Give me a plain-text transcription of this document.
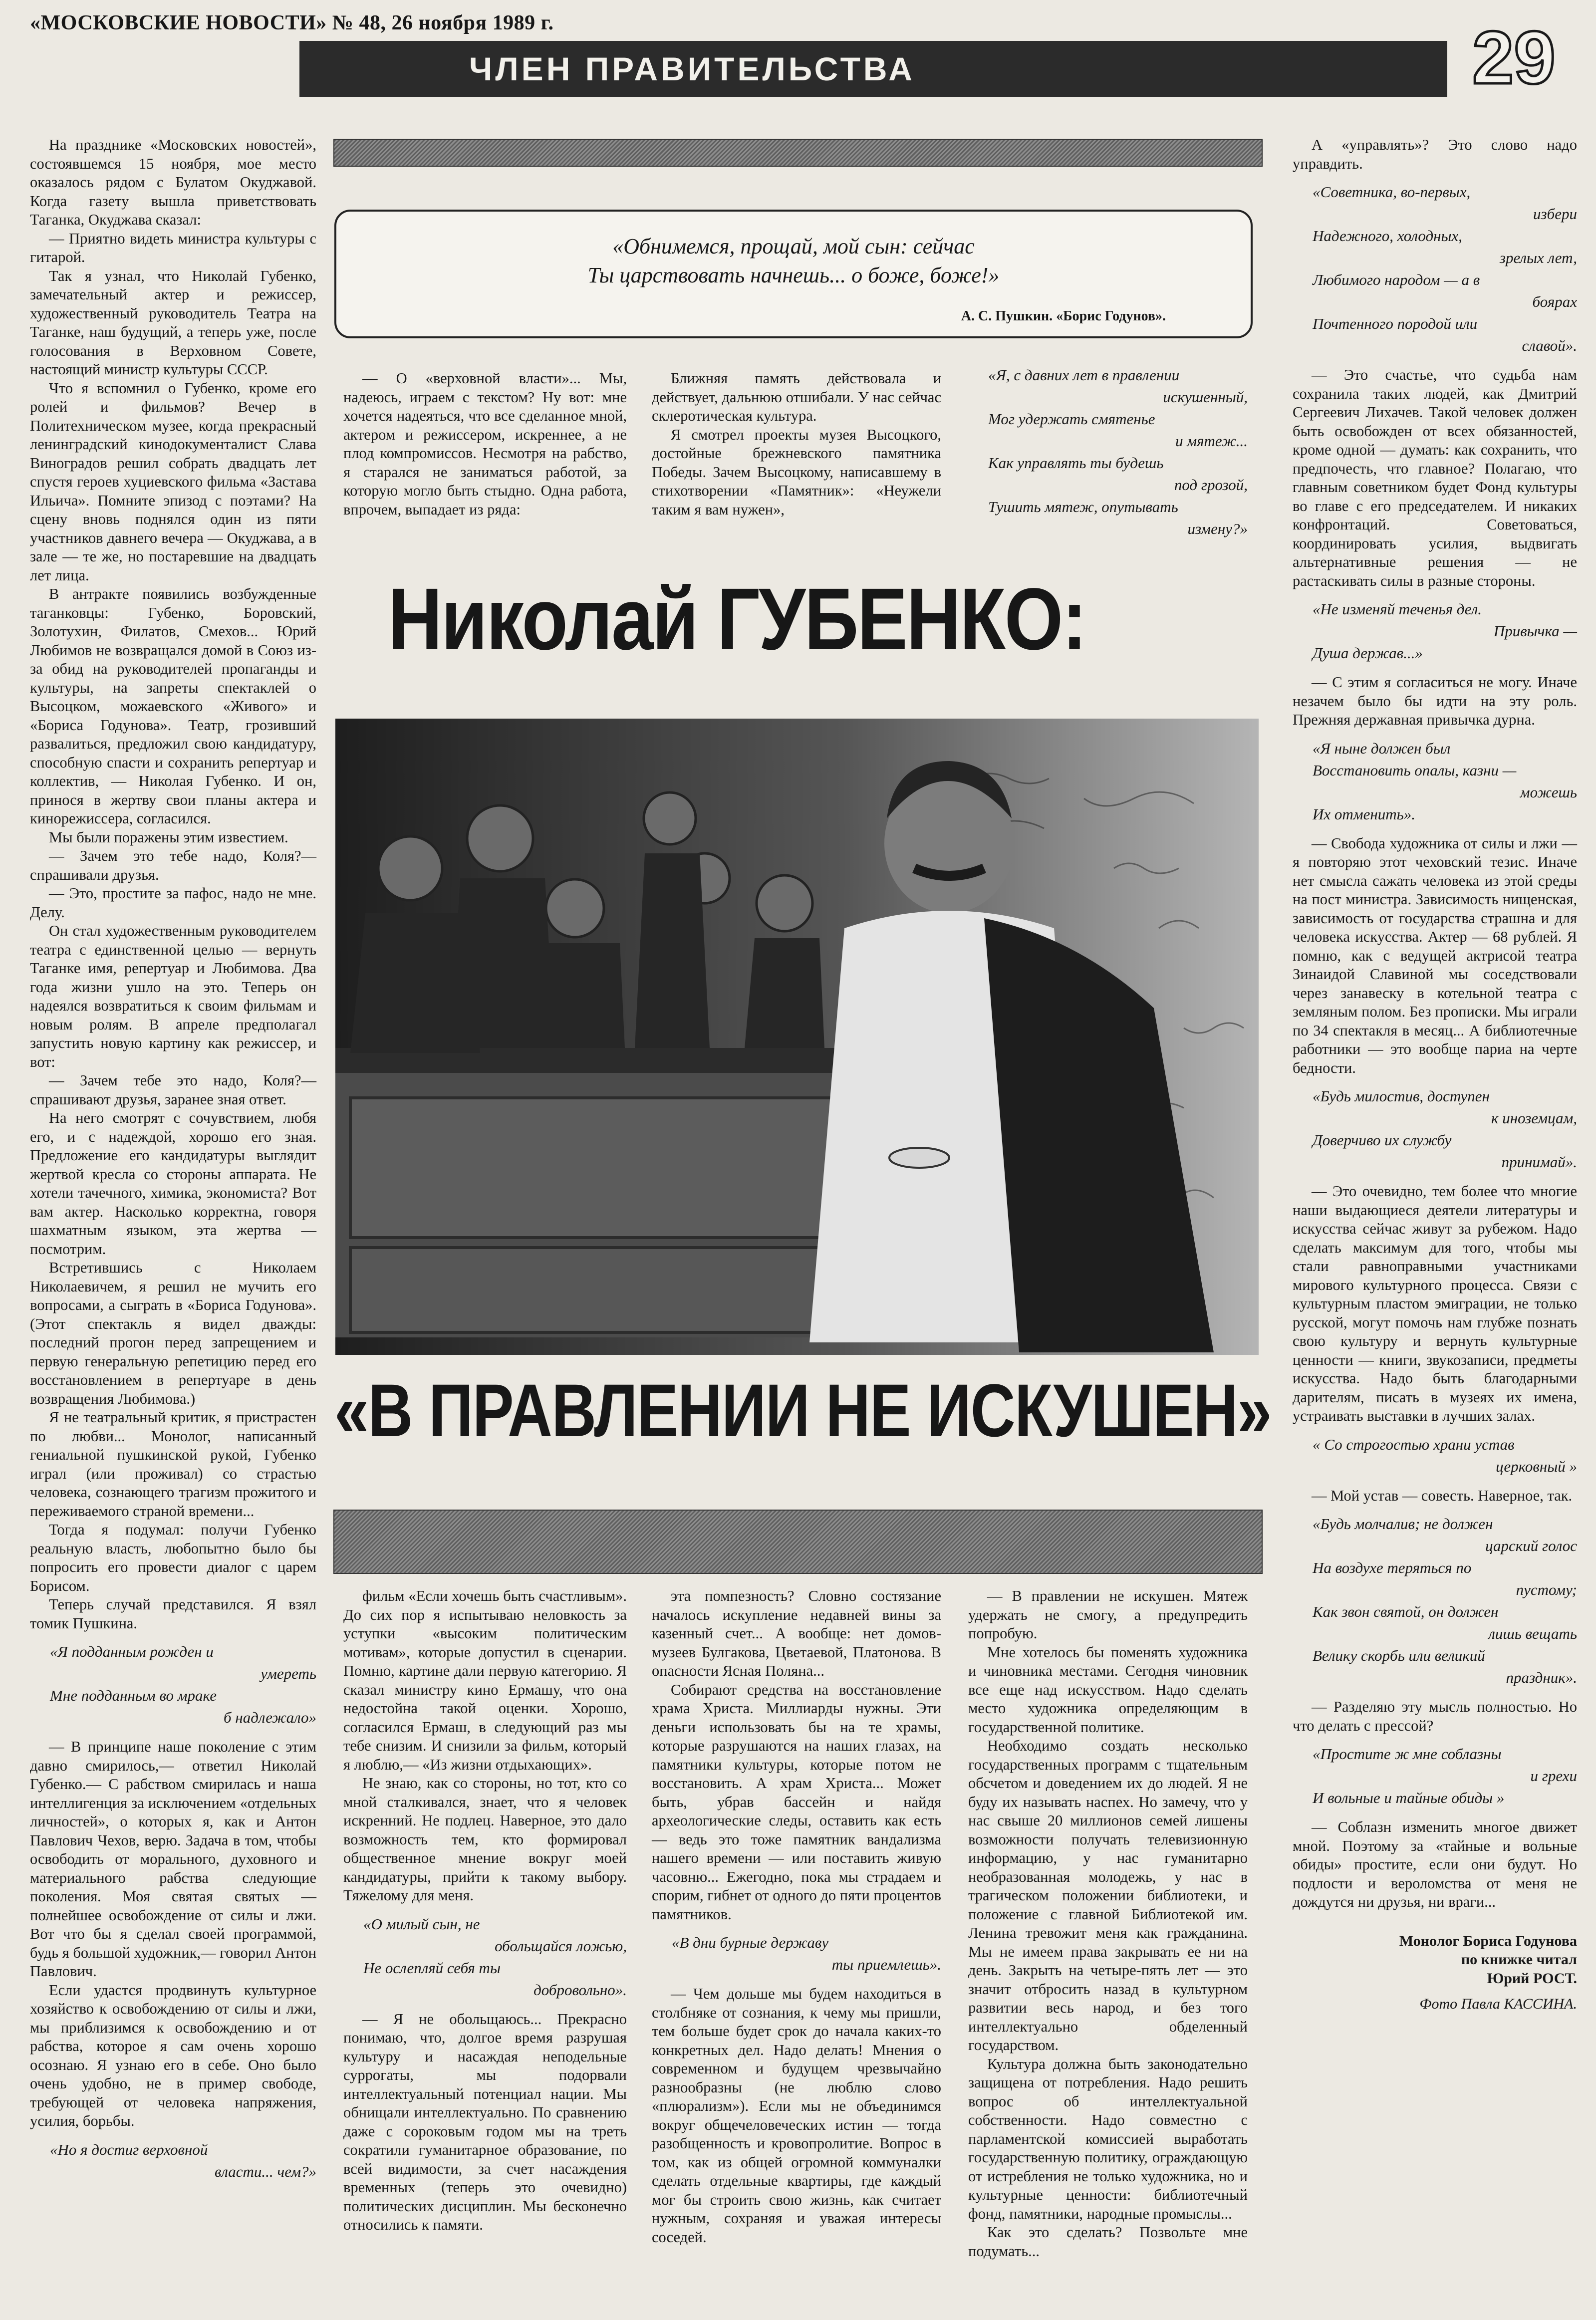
«МОСКОВСКИЕ НОВОСТИ» № 48, 26 ноября 1989 г.
ЧЛЕН ПРАВИТЕЛЬСТВА	29
«Обнимемся, прощай, мой сын: сейчас
Ты царствовать начнешь... о боже, боже!»
А. С. Пушкин. «Борис Годунов».
Николай ГУБЕНКО:
«В ПРАВЛЕНИИ НЕ ИСКУШЕН»

На празднике «Московских новостей», состоявшемся 15 ноября, мое место оказалось рядом с Булатом Окуджавой. Когда газету вышла приветствовать Таганка, Окуджава сказал:

— Приятно видеть министра культуры с гитарой.

Так я узнал, что Николай Губенко, замечательный актер и режиссер, художественный руководитель Театра на Таганке, наш будущий, а теперь уже, после голосования в Верховном Совете, настоящий министр культуры СССР.

Что я вспомнил о Губенко, кроме его ролей и фильмов? Вечер в Политехническом музее, когда прекрасный ленинградский кинодокументалист Слава Виноградов решил собрать двадцать лет спустя героев хуциевского фильма «Застава Ильича». Помните эпизод с поэтами? На сцену вновь поднялся один из пяти участников давнего вечера — Окуджава, а в зале — те же, но постаревшие на двадцать лет лица.

В антракте появились возбужденные таганковцы: Губенко, Боровский, Золотухин, Филатов, Смехов... Юрий Любимов не возвращался домой в Союз из-за обид на руководителей пропаганды и культуры, на запреты спектаклей о Высоцком, можаевского «Живого» и «Бориса Годунова». Театр, грозивший развалиться, предложил свою кандидатуру, способную спасти и сохранить репертуар и коллектив, — Николая Губенко. И он, принося в жертву свои планы актера и кинорежиссера, согласился.

Мы были поражены этим известием.

— Зачем это тебе надо, Коля?— спрашивали друзья.

— Это, простите за пафос, надо не мне. Делу.

Он стал художественным руководителем театра с единственной целью — вернуть Таганке имя, репертуар и Любимова. Два года жизни ушло на это. Теперь он надеялся возвратиться к своим фильмам и новым ролям. В апреле предполагал запустить новую картину как режиссер, и вот:

— Зачем тебе это надо, Коля?— спрашивают друзья, заранее зная ответ.

На него смотрят с сочувствием, любя его, и с надеждой, хорошо его зная. Предложение его кандидатуры выглядит жертвой кресла со стороны аппарата. Не хотели тачечного, химика, экономиста? Вот вам актер. Насколько корректна, говоря шахматным языком, эта жертва — посмотрим.

Встретившись с Николаем Николаевичем, я решил не мучить его вопросами, а сыграть в «Бориса Годунова». (Этот спектакль я видел дважды: последний прогон перед запрещением и первую генеральную репетицию перед его восстановлением в репертуаре в день возвращения Любимова.)

Я не театральный критик, я пристрастен по любви... Монолог, написанный гениальной пушкинской рукой, Губенко играл (или проживал) со страстью человека, сознающего трагизм прожитого и переживаемого страной времени...

Тогда я подумал: получи Губенко реальную власть, любопытно было бы попросить его провести диалог с царем Борисом.

Теперь случай представился. Я взял томик Пушкина.

«Я подданным рожден и
умереть
Мне подданным во мраке
б надлежало»

— В принципе наше поколение с этим давно смирилось,— ответил Николай Губенко.— С рабством смирилась и наша интеллигенция за исключением «отдельных личностей», о которых я, как и Антон Павлович Чехов, верю. Задача в том, чтобы освободить от морального, духовного и материального рабства следующие поколения. Моя святая святых — полнейшее освобождение от силы и лжи. Вот что бы я сделал своей программой, будь я большой художник,— говорил Антон Павлович.

Если удастся продвинуть культурное хозяйство к освобождению от силы и лжи, мы приблизимся к освобождению и от рабства, которое я сам очень хорошо осознаю. Я узнаю его в себе. Оно было очень удобно, не в пример свободе, требующей от человека напряжения, усилия, борьбы.

«Но я достиг верховной
власти... чем?»

— О «верховной власти»... Мы, надеюсь, играем с текстом? Ну вот: мне хочется надеяться, что все сделанное мной, актером и режиссером, искреннее, а не плод компромиссов. Несмотря на рабство, я старался не заниматься работой, за которую могло быть стыдно. Одна работа, впрочем, выпадает из ряда:

фильм «Если хочешь быть счастливым». До сих пор я испытываю неловкость за уступки «высоким политическим мотивам», которые допустил в сценарии. Помню, картине дали первую категорию. Я сказал министру кино Ермашу, что она недостойна такой оценки. Хорошо, согласился Ермаш, в следующий раз мы тебе снизим. И снизили за фильм, который я люблю,— «Из жизни отдыхающих».

Не знаю, как со стороны, но тот, кто со мной сталкивался, знает, что я человек искренний. Не подлец. Наверное, это дало возможность тем, кто формировал общественное мнение вокруг моей кандидатуры, прийти к такому выбору. Тяжелому для меня.

«О милый сын, не
обольщайся ложью,
Не ослепляй себя ты
добровольно».

— Я не обольщаюсь... Прекрасно понимаю, что, долгое время разрушая культуру и насаждая неподельные суррогаты, мы подорвали интеллектуальный потенциал нации. Мы обнищали интеллектуально. По сравнению даже с сороковым годом мы на треть сократили гуманитарное образование, по всей видимости, за счет насаждения временных (теперь это очевидно) политических дисциплин. Мы бесконечно относились к памяти.

Ближняя память действовала и действует, дальнюю отшибали. У нас сейчас склеротическая культура.

Я смотрел проекты музея Высоцкого, достойные брежневского памятника Победы. Зачем Высоцкому, написавшему в стихотворении «Памятник»: «Неужели таким я вам нужен»,

эта помпезность? Словно состязание началось искупление недавней вины за казенный счет... А вообще: нет домов-музеев Булгакова, Цветаевой, Платонова. В опасности Ясная Поляна...

Собирают средства на восстановление храма Христа. Миллиарды нужны. Эти деньги использовать бы на те храмы, которые разрушаются на наших глазах, на памятники культуры, которые потом не восстановить. А храм Христа... Может быть, убрав бассейн и найдя археологические следы, оставить как есть — ведь это тоже памятник вандализма нашего времени — или поставить живую часовню... Ежегодно, пока мы страдаем и спорим, гибнет от одного до пяти процентов памятников.

«В дни бурные державу
ты приемлешь».

— Чем дольше мы будем находиться в столбняке от сознания, к чему мы пришли, тем больше будет срок до начала каких-то конкретных дел. Надо делать! Мнения о современном и будущем чрезвычайно разнообразны (не люблю слово «плюрализм»). Если мы не объединимся вокруг общечеловеческих истин — тогда разобщенность и кровопролитие. Вопрос в том, как из общей огромной коммуналки сделать отдельные квартиры, где каждый мог бы строить свою жизнь, как считает нужным, сохраняя и уважая интересы соседей.

«Я, с давних лет в правлении
искушенный,
Мог удержать смятенье
и мятеж...
Как управлять ты будешь
под грозой,
Тушить мятеж, опутывать
измену?»

— В правлении не искушен. Мятеж удержать не смогу, а предупредить попробую.

Мне хотелось бы поменять художника и чиновника местами. Сегодня чиновник все еще над искусством. Надо сделать место художника определяющим в государственной политике.

Необходимо создать несколько государственных программ с тщательным обсчетом и доведением их до людей. Я не буду их называть наспех. Но замечу, что у нас свыше 20 миллионов семей лишены возможности получать телевизионную информацию, у нас гуманитарно необразованная молодежь, у нас в трагическом положении библиотеки, и положение с главной Библиотекой им. Ленина тревожит меня как гражданина. Мы не имеем права закрывать ее ни на день. Закрыть на четыре-пять лет — это значит отбросить назад в культурном развитии весь народ, и без того интеллектуально обделенный государством.

Культура должна быть законодательно защищена от потребления. Надо решить вопрос об интеллектуальной собственности. Надо совместно с парламентской комиссией выработать государственную политику, ограждающую от истребления не только художника, но и культурные ценности: библиотечный фонд, памятники, народные промыслы...

Как это сделать? Позвольте мне подумать...

А «управлять»? Это слово надо управдить.

«Советника, во-первых,
избери
Надежного, холодных,
зрелых лет,
Любимого народом — а в
боярах
Почтенного породой или
славой».

— Это счастье, что судьба нам сохранила таких людей, как Дмитрий Сергеевич Лихачев. Такой человек должен быть освобожден от всех обязанностей, кроме одной — думать: как сохранить, что предпочесть, что главное? Полагаю, что главным советником будет Фонд культуры во главе с его председателем. И никаких конфронтаций. Советоваться, координировать усилия, выдвигать альтернативные решения — не растаскивать силы в разные стороны.

«Не изменяй теченья дел.
Привычка —
Душа держав...»

— С этим я согласиться не могу. Иначе незачем было бы идти на эту роль. Прежняя державная привычка дурна.

«Я ныне должен был
Восстановить опалы, казни —
можешь
Их отменить».

— Свобода художника от силы и лжи — я повторяю этот чеховский тезис. Иначе нет смысла сажать человека из этой среды на пост министра. Зависимость нищенская, зависимость от государства страшна и для человека искусства. Актер — 68 рублей. Я помню, как с ведущей актрисой театра Зинаидой Славиной мы соседствовали через занавеску в котельной театра с земляным полом. Без прописки. Мы играли по 34 спектакля в месяц... А библиотечные работники — это вообще париа на черте бедности.

«Будь милостив, доступен
к иноземцам,
Доверчиво их службу
принимай».

— Это очевидно, тем более что многие наши выдающиеся деятели литературы и искусства сейчас живут за рубежом. Надо сделать максимум для того, чтобы мы стали равноправными участниками мирового культурного процесса. Связи с культурным пластом эмиграции, не только русской, могут помочь нам глубже познать свою культуру и вернуть культурные ценности — книги, звукозаписи, предметы искусства. Надо быть благодарными дарителям, писать в музеях их имена, устраивать выставки в лучших залах.

« Со строгостью храни устав
церковный »

— Мой устав — совесть. Наверное, так.

«Будь молчалив; не должен
царский голос
На воздухе теряться по
пустому;
Как звон святой, он должен
лишь вещать
Велику скорбь или великий
праздник».

— Разделяю эту мысль полностью. Но что делать с прессой?

«Простите ж мне соблазны
и грехи
И вольные и тайные обиды »

— Соблазн изменить многое движет мной. Поэтому за «тайные и вольные обиды» простите, если они будут. Но подлости и вероломства от меня не дождутся ни друзья, ни враги...

Монолог Бориса Годунова
по книжке читал
Юрий РОСТ.
Фото Павла КАССИНА.
